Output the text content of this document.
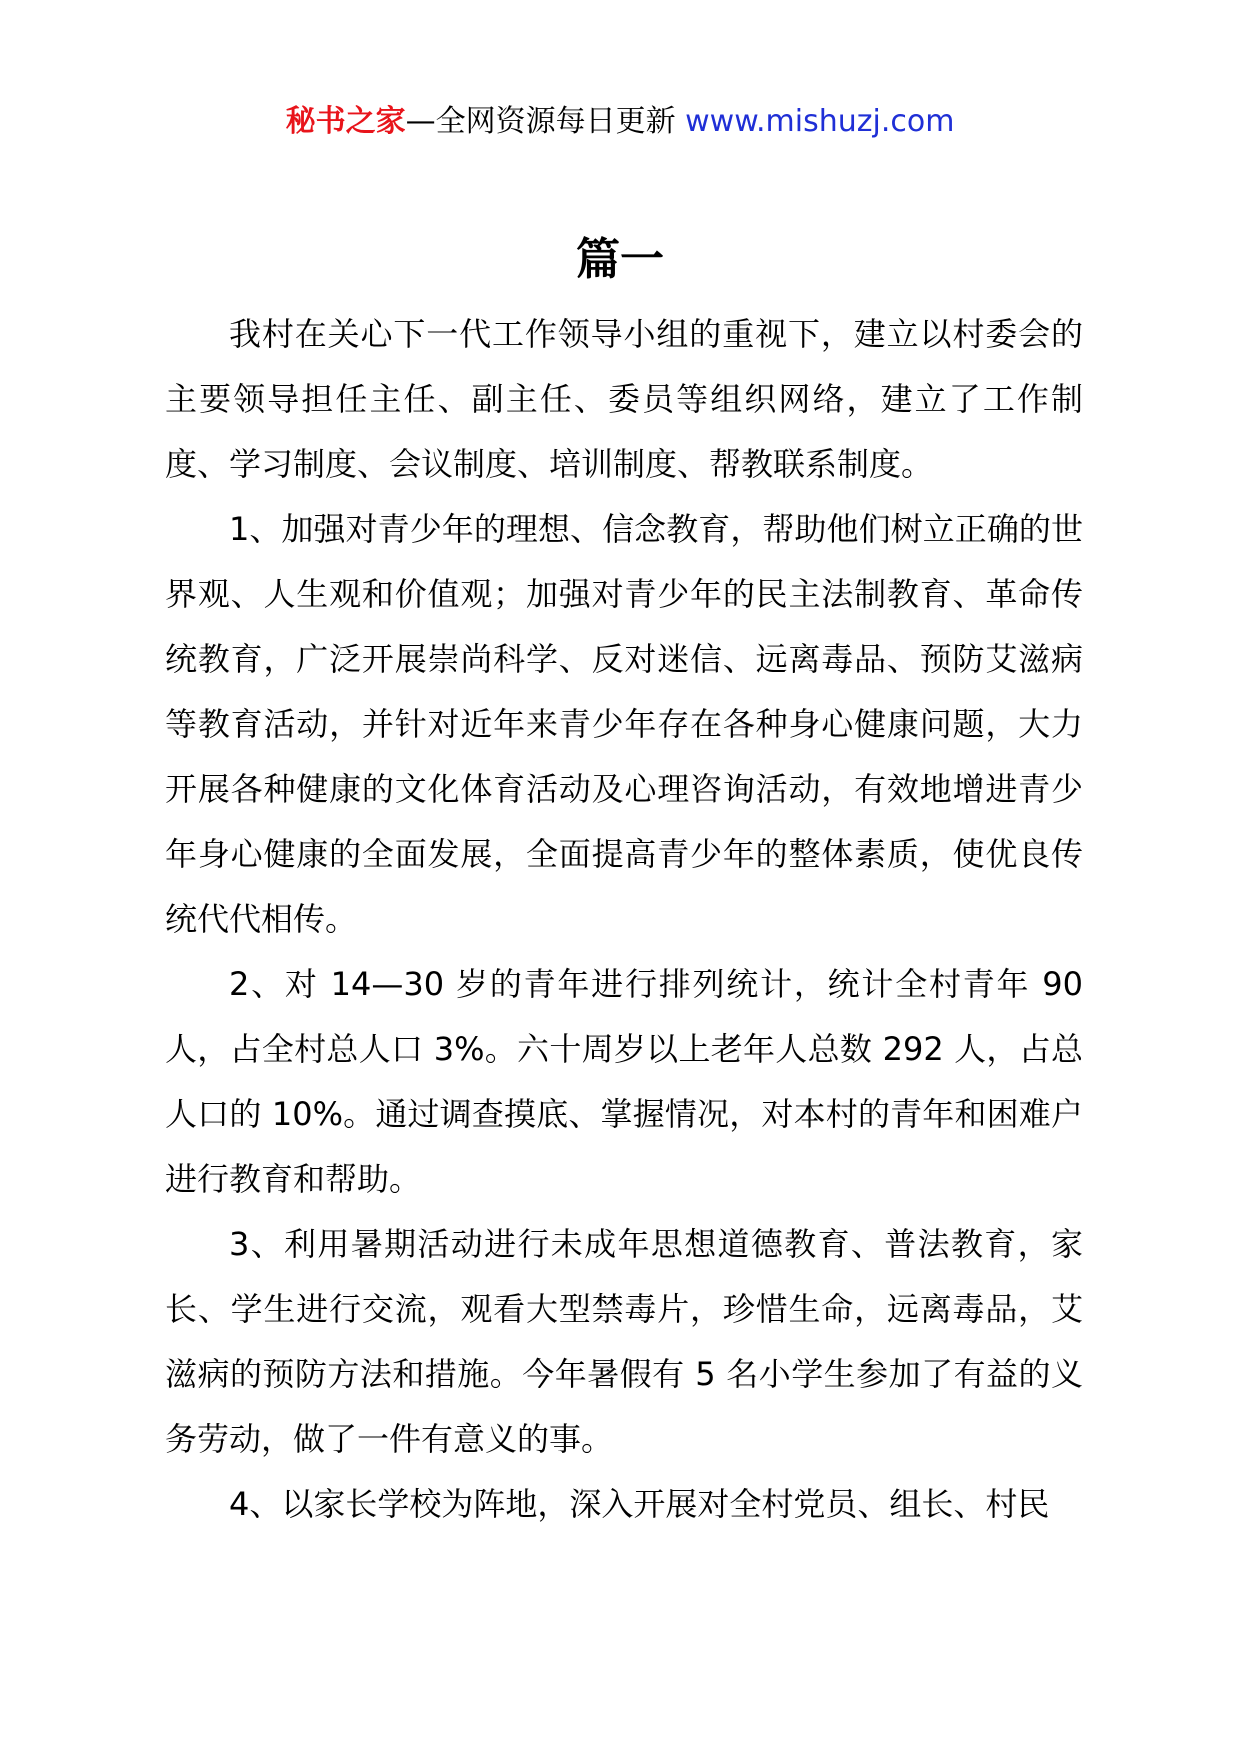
秘书之家—全网资源每日更新 www.mishuzj.com
篇一

我村在关心下一代工作领导小组的重视下，建立以村委会的主要领导担任主任、副主任、委员等组织网络，建立了工作制度、学习制度、会议制度、培训制度、帮教联系制度。

1、加强对青少年的理想、信念教育，帮助他们树立正确的世界观、人生观和价值观；加强对青少年的民主法制教育、革命传统教育，广泛开展崇尚科学、反对迷信、远离毒品、预防艾滋病等教育活动，并针对近年来青少年存在各种身心健康问题，大力开展各种健康的文化体育活动及心理咨询活动，有效地增进青少年身心健康的全面发展，全面提高青少年的整体素质，使优良传统代代相传。

2、对 14—30 岁的青年进行排列统计，统计全村青年 90 人，占全村总人口 3%。六十周岁以上老年人总数 292 人，占总人口的 10%。通过调查摸底、掌握情况，对本村的青年和困难户进行教育和帮助。

3、利用暑期活动进行未成年思想道德教育、普法教育，家长、学生进行交流，观看大型禁毒片，珍惜生命，远离毒品，艾滋病的预防方法和措施。今年暑假有 5 名小学生参加了有益的义务劳动，做了一件有意义的事。

4、以家长学校为阵地，深入开展对全村党员、组长、村民
